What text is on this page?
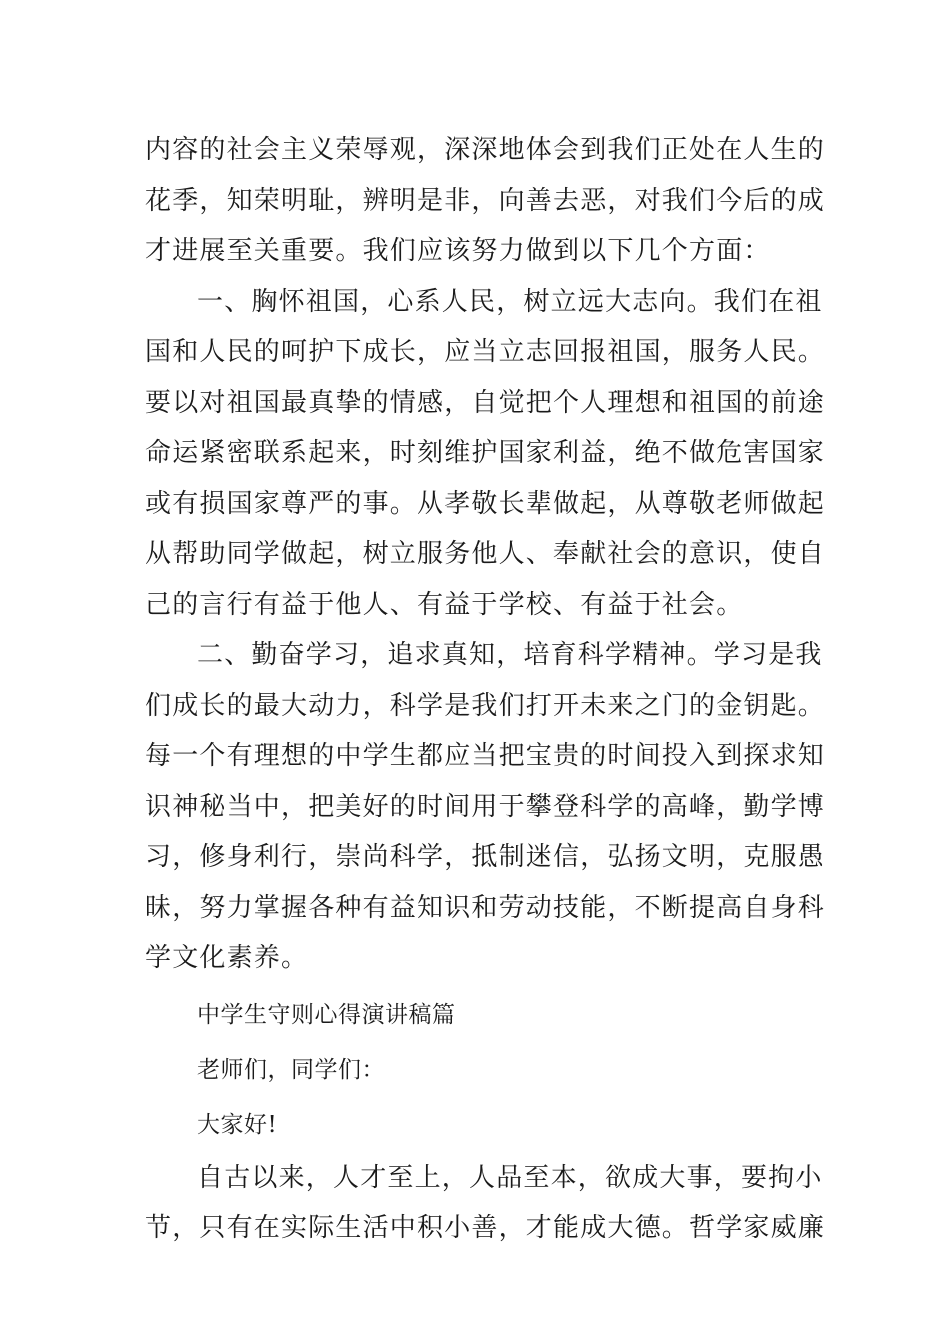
内容的社会主义荣辱观，深深地体会到我们正处在人生的
花季，知荣明耻，辨明是非，向善去恶，对我们今后的成
才进展至关重要。我们应该努力做到以下几个方面：

一、胸怀祖国，心系人民，树立远大志向。我们在祖
国和人民的呵护下成长，应当立志回报祖国，服务人民。
要以对祖国最真挚的情感，自觉把个人理想和祖国的前途
命运紧密联系起来，时刻维护国家利益，绝不做危害国家
或有损国家尊严的事。从孝敬长辈做起，从尊敬老师做起
从帮助同学做起，树立服务他人、奉献社会的意识，使自
己的言行有益于他人、有益于学校、有益于社会。

二、勤奋学习，追求真知，培育科学精神。学习是我
们成长的最大动力，科学是我们打开未来之门的金钥匙。
每一个有理想的中学生都应当把宝贵的时间投入到探求知
识神秘当中，把美好的时间用于攀登科学的高峰，勤学博
习，修身利行，崇尚科学，抵制迷信，弘扬文明，克服愚
昧，努力掌握各种有益知识和劳动技能，不断提高自身科
学文化素养。

中学生守则心得演讲稿篇

老师们，同学们：

大家好!

自古以来，人才至上，人品至本，欲成大事，要拘小
节，只有在实际生活中积小善，才能成大德。哲学家威廉
